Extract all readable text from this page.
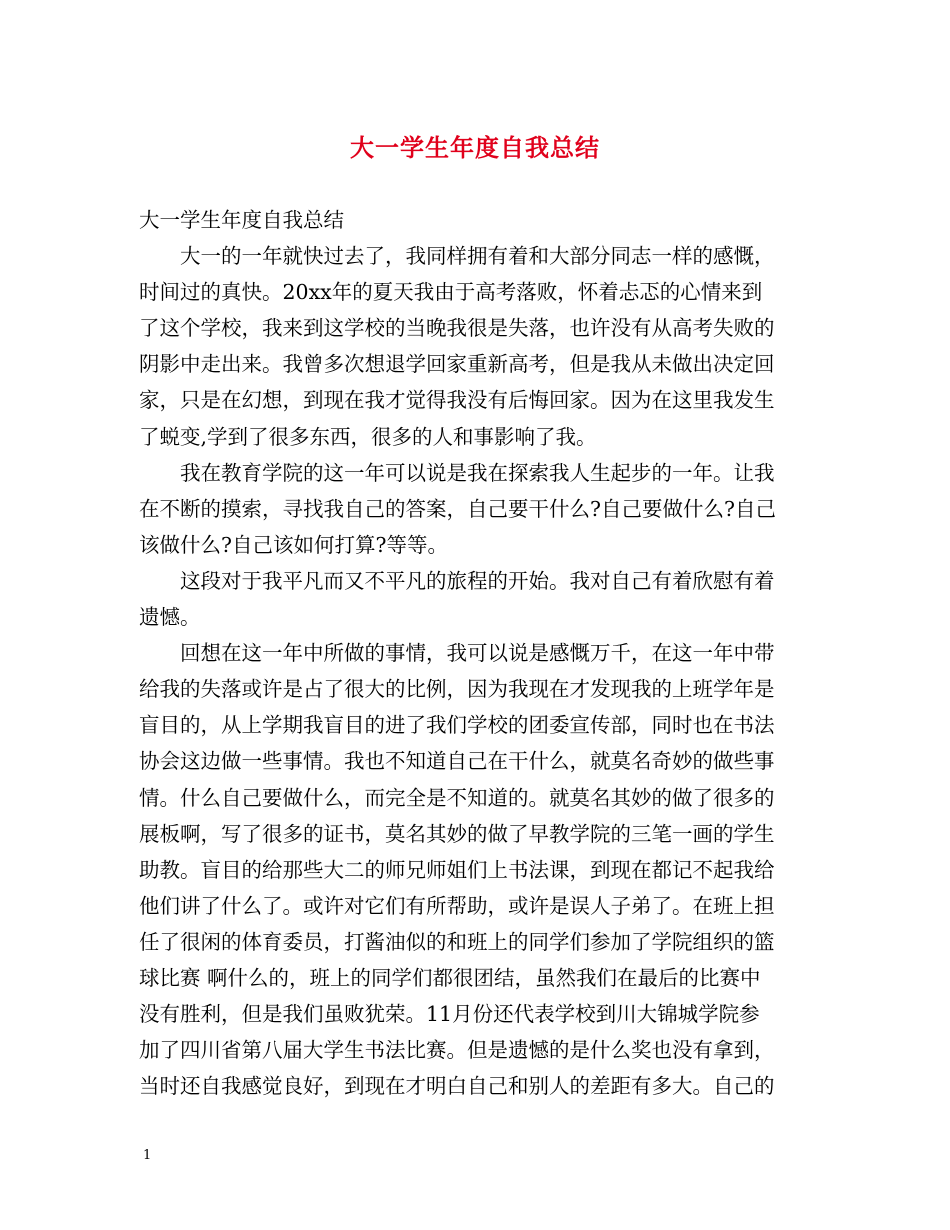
大一学生年度自我总结
大一学生年度自我总结
　　大一的一年就快过去了，我同样拥有着和大部分同志一样的感慨，
时间过的真快。20xx年的夏天我由于高考落败，怀着忐忑的心情来到
了这个学校，我来到这学校的当晚我很是失落，也许没有从高考失败的
阴影中走出来。我曾多次想退学回家重新高考，但是我从未做出决定回
家，只是在幻想，到现在我才觉得我没有后悔回家。因为在这里我发生
了蜕变,学到了很多东西，很多的人和事影响了我。
　　我在教育学院的这一年可以说是我在探索我人生起步的一年。让我
在不断的摸索，寻找我自己的答案，自己要干什么?自己要做什么?自己
该做什么?自己该如何打算?等等。
　　这段对于我平凡而又不平凡的旅程的开始。我对自己有着欣慰有着
遗憾。
　　回想在这一年中所做的事情，我可以说是感慨万千，在这一年中带
给我的失落或许是占了很大的比例，因为我现在才发现我的上班学年是
盲目的，从上学期我盲目的进了我们学校的团委宣传部，同时也在书法
协会这边做一些事情。我也不知道自己在干什么，就莫名奇妙的做些事
情。什么自己要做什么，而完全是不知道的。就莫名其妙的做了很多的
展板啊，写了很多的证书，莫名其妙的做了早教学院的三笔一画的学生
助教。盲目的给那些大二的师兄师姐们上书法课，到现在都记不起我给
他们讲了什么了。或许对它们有所帮助，或许是误人子弟了。在班上担
任了很闲的体育委员，打酱油似的和班上的同学们参加了学院组织的篮
球比赛 啊什么的，班上的同学们都很团结，虽然我们在最后的比赛中
没有胜利，但是我们虽败犹荣。11月份还代表学校到川大锦城学院参
加了四川省第八届大学生书法比赛。但是遗憾的是什么奖也没有拿到，
当时还自我感觉良好，到现在才明白自己和别人的差距有多大。自己的
1
